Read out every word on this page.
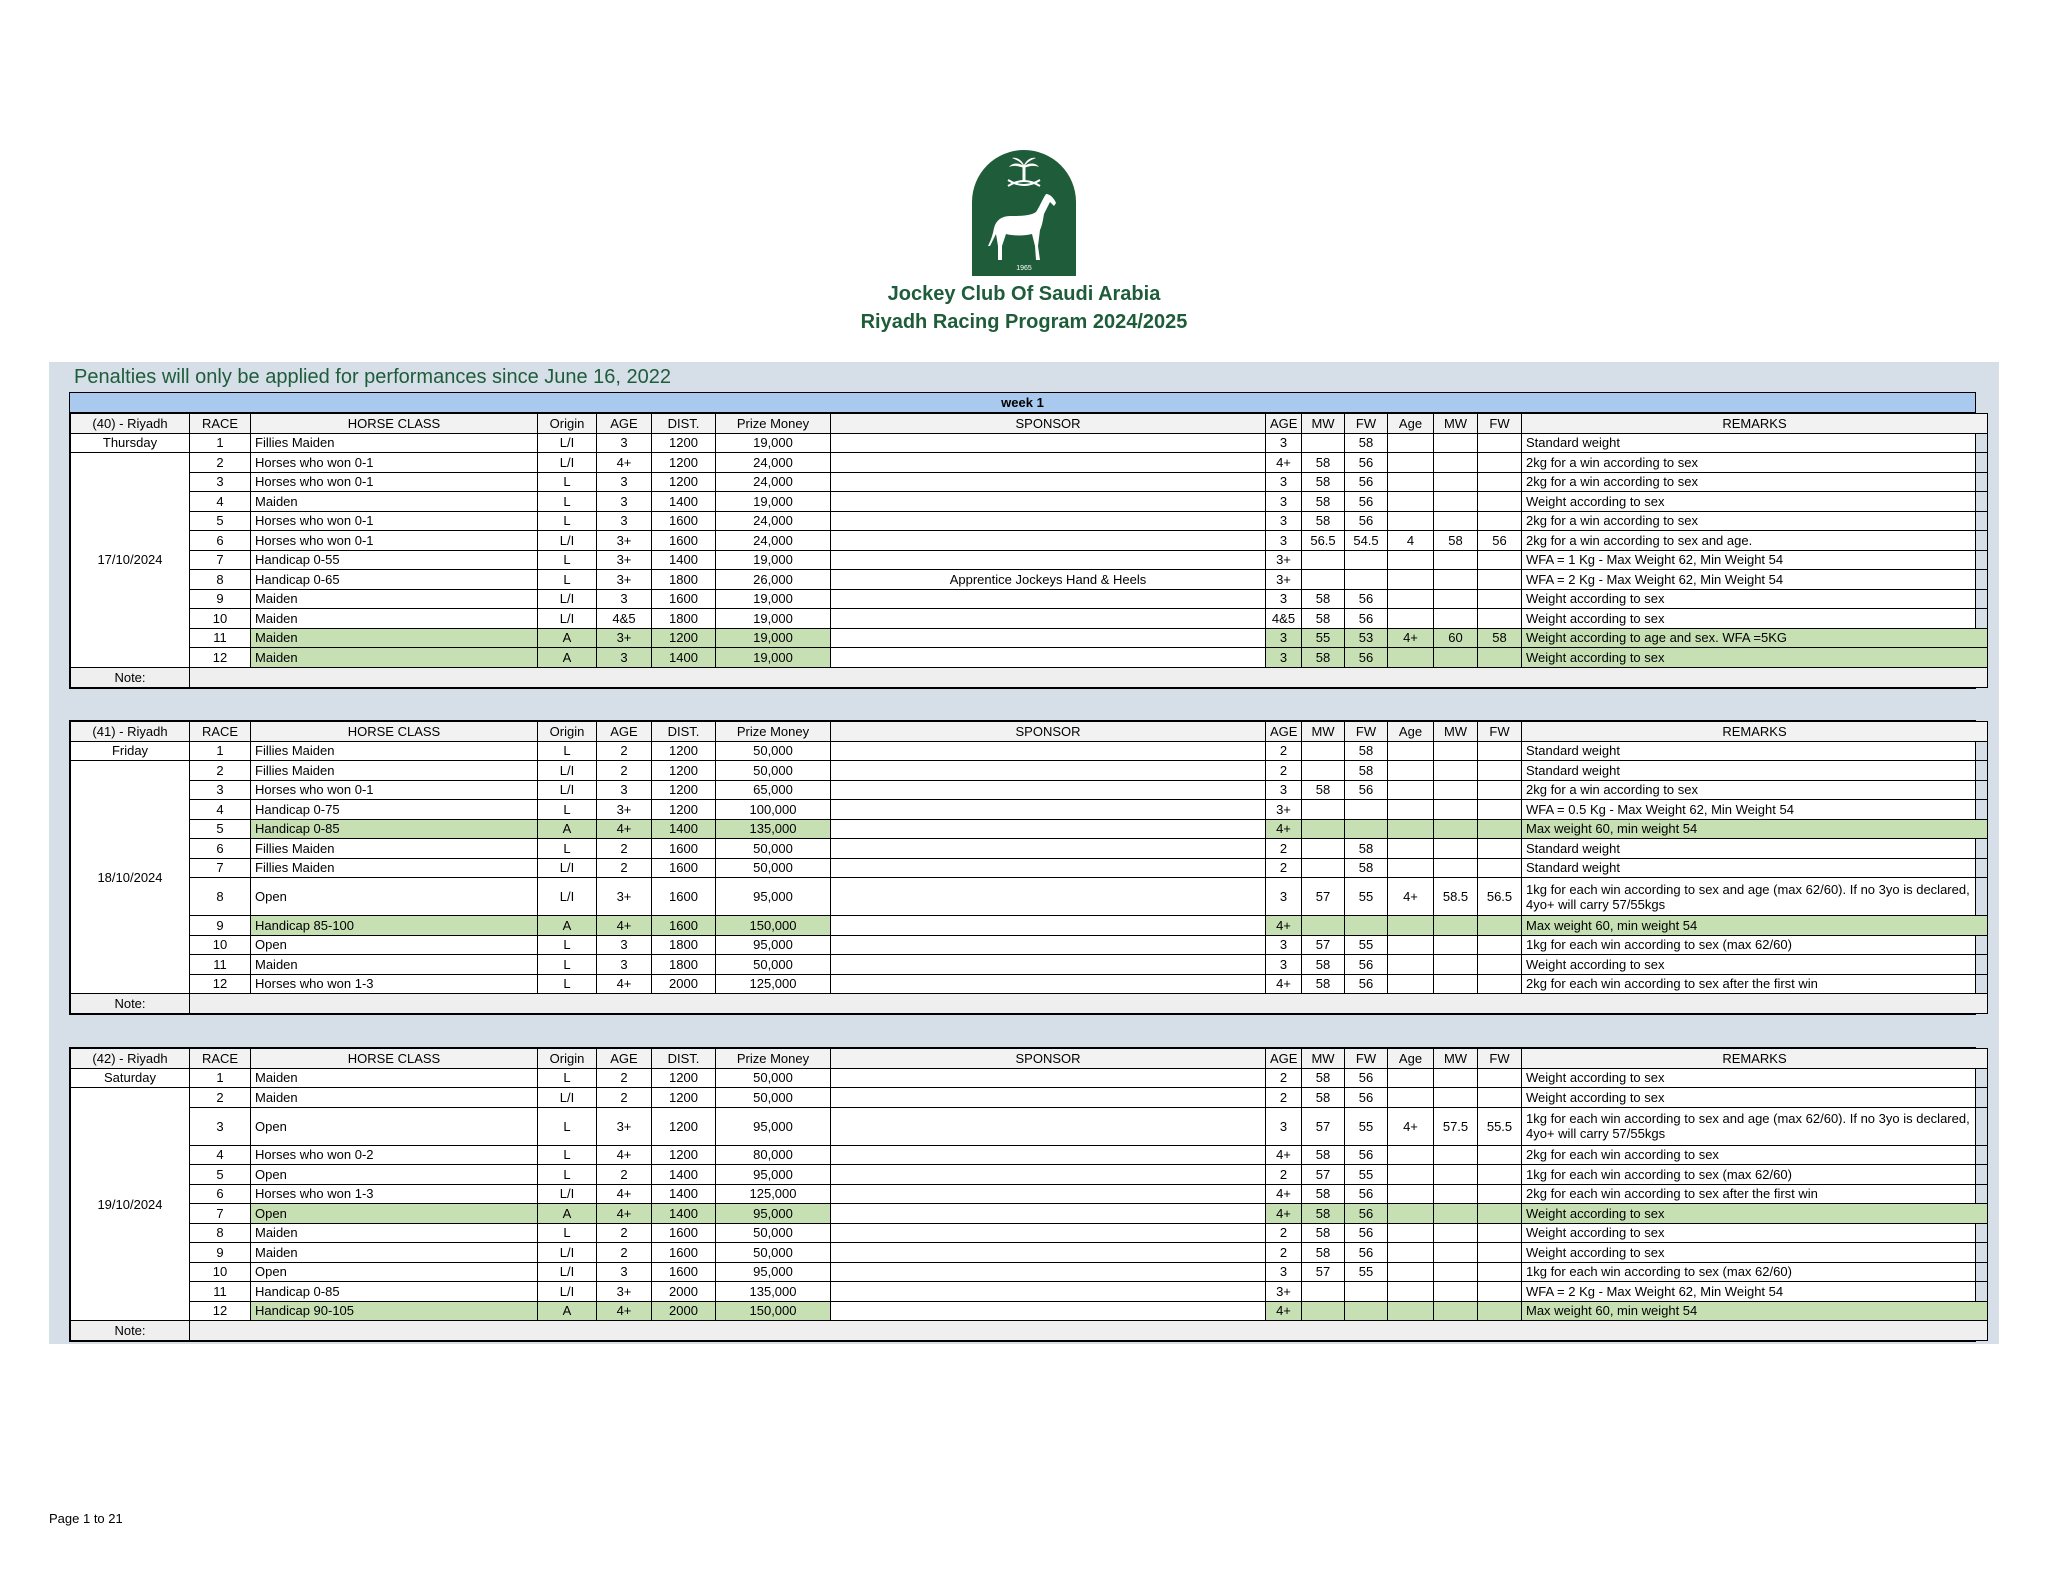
1965
Jockey Club Of Saudi Arabia
Riyadh Racing Program 2024/2025
Penalties will only be applied for performances since June 16, 2022
week 1
(40) - Riyadh	RACE	HORSE CLASS	Origin	AGE	DIST.	Prize Money	SPONSOR	AGE	MW	FW	Age	MW	FW	REMARKS
Thursday	1	Fillies Maiden	L/I	3	1200	19,000		3		58				Standard weight
17/10/2024	2	Horses who won 0-1	L/I	4+	1200	24,000		4+	58	56				2kg for a win according to sex
	3	Horses who won 0-1	L	3	1200	24,000		3	58	56				2kg for a win according to sex
	4	Maiden	L	3	1400	19,000		3	58	56				Weight according to sex
	5	Horses who won 0-1	L	3	1600	24,000		3	58	56				2kg for a win according to sex
	6	Horses who won 0-1	L/I	3+	1600	24,000		3	56.5	54.5	4	58	56	2kg for a win according to sex and age.
	7	Handicap 0-55	L	3+	1400	19,000		3+						WFA = 1 Kg - Max Weight 62, Min Weight 54
	8	Handicap 0-65	L	3+	1800	26,000	Apprentice Jockeys Hand & Heels	3+						WFA = 2 Kg - Max Weight 62, Min Weight 54
	9	Maiden	L/I	3	1600	19,000		3	58	56				Weight according to sex
	10	Maiden	L/I	4&5	1800	19,000		4&5	58	56				Weight according to sex
	11	Maiden	A	3+	1200	19,000		3	55	53	4+	60	58	Weight according to age and sex. WFA =5KG
	12	Maiden	A	3	1400	19,000		3	58	56				Weight according to sex
Note:														
(41) - Riyadh	RACE	HORSE CLASS	Origin	AGE	DIST.	Prize Money	SPONSOR	AGE	MW	FW	Age	MW	FW	REMARKS
Friday	1	Fillies Maiden	L	2	1200	50,000		2		58				Standard weight
18/10/2024	2	Fillies Maiden	L/I	2	1200	50,000		2		58				Standard weight
	3	Horses who won 0-1	L/I	3	1200	65,000		3	58	56				2kg for a win according to sex
	4	Handicap 0-75	L	3+	1200	100,000		3+						WFA = 0.5 Kg - Max Weight 62, Min Weight 54
	5	Handicap 0-85	A	4+	1400	135,000		4+						Max weight 60, min weight 54
	6	Fillies Maiden	L	2	1600	50,000		2		58				Standard weight
	7	Fillies Maiden	L/I	2	1600	50,000		2		58				Standard weight
	8	Open	L/I	3+	1600	95,000		3	57	55	4+	58.5	56.5	1kg for each win according to sex and age (max 62/60). If no 3yo is declared, 4yo+ will carry 57/55kgs
	9	Handicap 85-100	A	4+	1600	150,000		4+						Max weight 60, min weight 54
	10	Open	L	3	1800	95,000		3	57	55				1kg for each win according to sex (max 62/60)
	11	Maiden	L	3	1800	50,000		3	58	56				Weight according to sex
	12	Horses who won 1-3	L	4+	2000	125,000		4+	58	56				2kg for each win according to sex after the first win
Note:														
(42) - Riyadh	RACE	HORSE CLASS	Origin	AGE	DIST.	Prize Money	SPONSOR	AGE	MW	FW	Age	MW	FW	REMARKS
Saturday	1	Maiden	L	2	1200	50,000		2	58	56				Weight according to sex
19/10/2024	2	Maiden	L/I	2	1200	50,000		2	58	56				Weight according to sex
	3	Open	L	3+	1200	95,000		3	57	55	4+	57.5	55.5	1kg for each win according to sex and age (max 62/60). If no 3yo is declared, 4yo+ will carry 57/55kgs
	4	Horses who won 0-2	L	4+	1200	80,000		4+	58	56				2kg for each win according to sex
	5	Open	L	2	1400	95,000		2	57	55				1kg for each win according to sex (max 62/60)
	6	Horses who won 1-3	L/I	4+	1400	125,000		4+	58	56				2kg for each win according to sex after the first win
	7	Open	A	4+	1400	95,000		4+	58	56				Weight according to sex
	8	Maiden	L	2	1600	50,000		2	58	56				Weight according to sex
	9	Maiden	L/I	2	1600	50,000		2	58	56				Weight according to sex
	10	Open	L/I	3	1600	95,000		3	57	55				1kg for each win according to sex (max 62/60)
	11	Handicap 0-85	L/I	3+	2000	135,000		3+						WFA = 2 Kg - Max Weight 62, Min Weight 54
	12	Handicap 90-105	A	4+	2000	150,000		4+						Max weight 60, min weight 54
Note:														
Page 1 to 21
